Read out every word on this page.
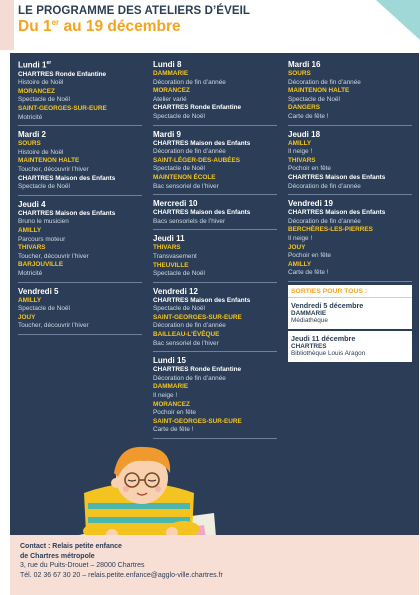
LE PROGRAMME DES ATELIERS D’ÉVEIL
Du 1er au 19 décembre
Lundi 1er
CHARTRES Ronde Enfantine
Histoire de Noël
MORANCEZ
Spectacle de Noël
SAINT-GEORGES-SUR-EURE
Motricité
Mardi 2
SOURS
Histoire de Noël
MAINTENON HALTE
Toucher, découvrir l’hiver
CHARTRES Maison des Enfants
Spectacle de Noël
Jeudi 4
CHARTRES Maison des Enfants
Bruno le musicien
AMILLY
Parcours moteur
THIVARS
Toucher, découvrir l’hiver
BARJOUVILLE
Motricité
Vendredi 5
AMILLY
Spectacle de Noël
JOUY
Toucher, découvrir l’hiver
Lundi 8
DAMMARIE
Décoration de fin d’année
MORANCEZ
Atelier varié
CHARTRES Ronde Enfantine
Spectacle de Noël
Mardi 9
CHARTRES Maison des Enfants
Décoration de fin d’année
SAINT-LÉGER-DES-AUBÉES
Spectacle de Noël
MAINTENON ÉCOLE
Bac sensoriel de l’hiver
Mercredi 10
CHARTRES Maison des Enfants
Bacs sensoriels de l’hiver
Jeudi 11
THIVARS
Transvasement
THEUVILLE
Spectacle de Noël
Vendredi 12
CHARTRES Maison des Enfants
Spectacle de Noël
SAINT-GEORGES-SUR-EURE
Décoration de fin d’année
BAILLEAU-L’ÉVÊQUE
Bac sensoriel de l’hiver
Lundi 15
CHARTRES Ronde Enfantine
Décoration de fin d’année
DAMMARIE
Il neige !
MORANCEZ
Pochoir en fête
SAINT-GEORGES-SUR-EURE
Carte de fête !
Mardi 16
SOURS
Décoration de fin d’année
MAINTENON HALTE
Spectacle de Noël
DANGERS
Carte de fête !
Jeudi 18
AMILLY
Il neige !
THIVARS
Pochoir en fête
CHARTRES Maison des Enfants
Décoration de fin d’année
Vendredi 19
CHARTRES Maison des Enfants
Décoration de fin d’année
BERCHÈRES-LES-PIERRES
Il neige !
JOUY
Pochoir en fête
AMILLY
Carte de fête !
SORTIES POUR TOUS :
Vendredi 5 décembre
DAMMARIE
Médiathèque
Jeudi 11 décembre
CHARTRES
Bibliothèque Louis Aragon
Contact : Relais petite enfance
de Chartres métropole
3, rue du Puits-Drouet – 28000 Chartres
Tél. 02 36 67 30 20 – relais.petite.enfance@agglo-ville.chartres.fr
